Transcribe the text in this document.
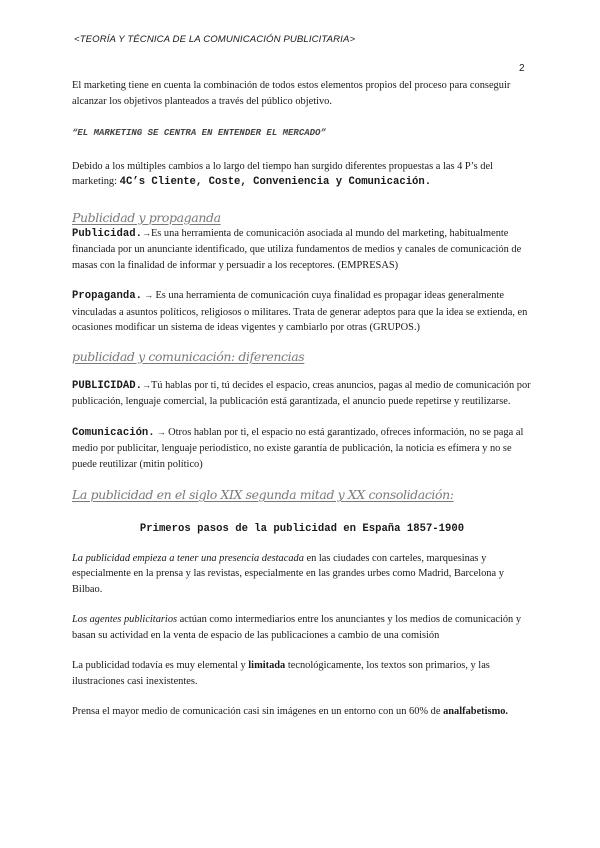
<TEORÍA Y TÉCNICA DE LA COMUNICACIÓN PUBLICITARIA>
2

El marketing tiene en cuenta la combinación de todos estos elementos propios del proceso para conseguir alcanzar los objetivos planteados a través del público objetivo.

“EL MARKETING SE CENTRA EN ENTENDER EL MERCADO”

Debido a los múltiples cambios a lo largo del tiempo han surgido diferentes propuestas a las 4 P’s del marketing: 4C’s Cliente, Coste, Conveniencia y Comunicación.

Publicidad y propaganda

Publicidad.→Es una herramienta de comunicación asociada al mundo del marketing, habitualmente financiada por un anunciante identificado, que utiliza fundamentos de medios y canales de comunicación de masas con la finalidad de informar y persuadir a los receptores. (EMPRESAS)

Propaganda. → Es una herramienta de comunicación cuya finalidad es propagar ideas generalmente vinculadas a asuntos políticos, religiosos o militares. Trata de generar adeptos para que la idea se extienda, en ocasiones modificar un sistema de ideas vigentes y cambiarlo por otras (GRUPOS.)

publicidad y comunicación: diferencias

PUBLICIDAD.→Tú hablas por ti, tú decides el espacio, creas anuncios, pagas al medio de comunicación por publicación, lenguaje comercial, la publicación está garantizada, el anuncio puede repetirse y reutilizarse.

Comunicación. → Otros hablan por ti, el espacio no está garantizado, ofreces información, no se paga al medio por publicitar, lenguaje periodístico, no existe garantía de publicación, la noticia es efímera y no se puede reutilizar (mitin político)

La publicidad en el siglo XIX segunda mitad y XX consolidación:

Primeros pasos de la publicidad en España 1857-1900

La publicidad empieza a tener una presencia destacada en las ciudades con carteles, marquesinas y especialmente en la prensa y las revistas, especialmente en las grandes urbes como Madrid, Barcelona y Bilbao.

Los agentes publicitarios actúan como intermediarios entre los anunciantes y los medios de comunicación y basan su actividad en la venta de espacio de las publicaciones a cambio de una comisión

La publicidad todavía es muy elemental y limitada tecnológicamente, los textos son primarios, y las ilustraciones casi inexistentes.

Prensa el mayor medio de comunicación casi sin imágenes en un entorno con un 60% de analfabetismo.
